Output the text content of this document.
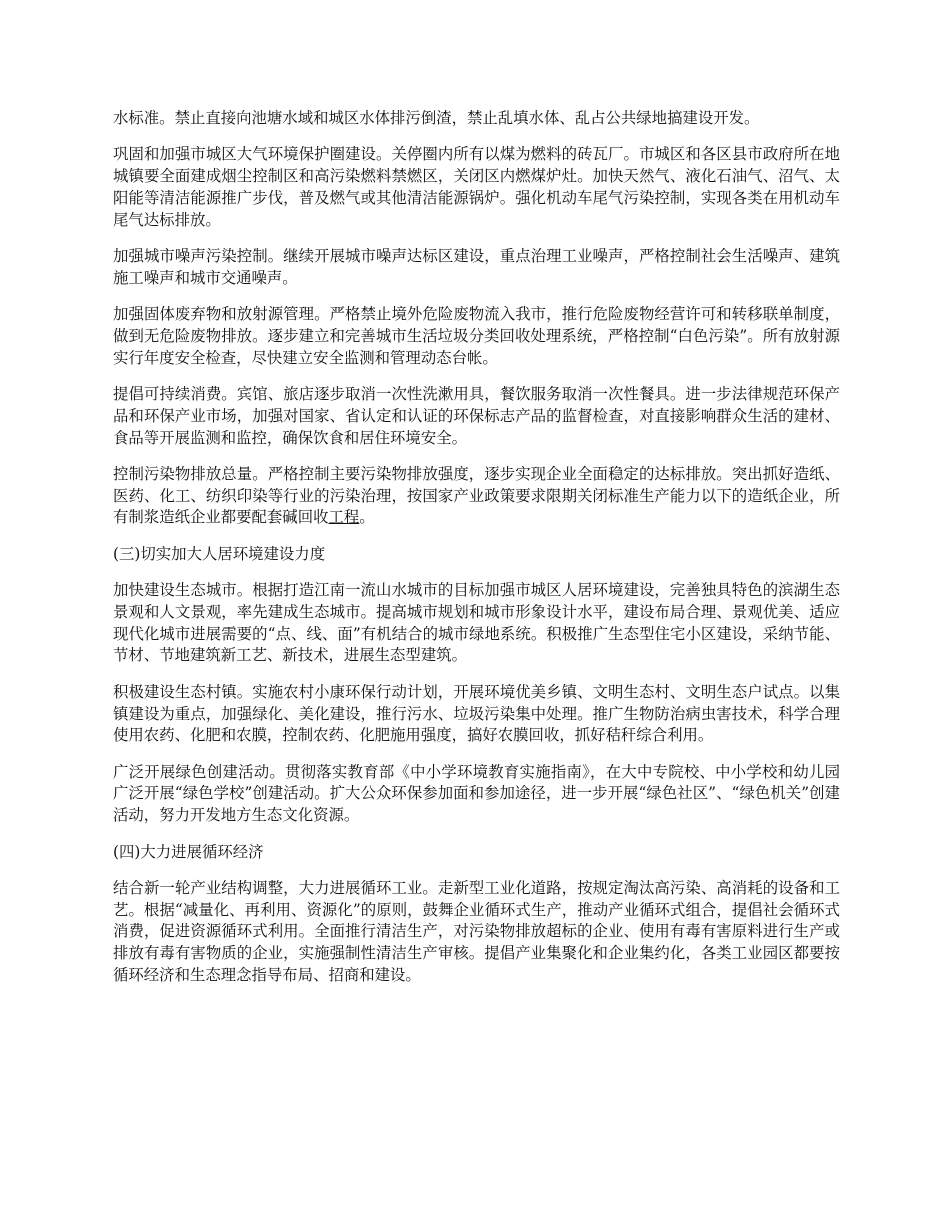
水标准。禁止直接向池塘水域和城区水体排污倒渣，禁止乱填水体、乱占公共绿地搞建设开发。

巩固和加强市城区大气环境保护圈建设。关停圈内所有以煤为燃料的砖瓦厂。市城区和各区县市政府所在地城镇要全面建成烟尘控制区和高污染燃料禁燃区，关闭区内燃煤炉灶。加快天然气、液化石油气、沼气、太阳能等清洁能源推广步伐，普及燃气或其他清洁能源锅炉。强化机动车尾气污染控制，实现各类在用机动车尾气达标排放。

加强城市噪声污染控制。继续开展城市噪声达标区建设，重点治理工业噪声，严格控制社会生活噪声、建筑施工噪声和城市交通噪声。

加强固体废弃物和放射源管理。严格禁止境外危险废物流入我市，推行危险废物经营许可和转移联单制度，做到无危险废物排放。逐步建立和完善城市生活垃圾分类回收处理系统，严格控制“白色污染”。所有放射源实行年度安全检查，尽快建立安全监测和管理动态台帐。

提倡可持续消费。宾馆、旅店逐步取消一次性洗漱用具，餐饮服务取消一次性餐具。进一步法律规范环保产品和环保产业市场，加强对国家、省认定和认证的环保标志产品的监督检查，对直接影响群众生活的建材、食品等开展监测和监控，确保饮食和居住环境安全。

控制污染物排放总量。严格控制主要污染物排放强度，逐步实现企业全面稳定的达标排放。突出抓好造纸、医药、化工、纺织印染等行业的污染治理，按国家产业政策要求限期关闭标准生产能力以下的造纸企业，所有制浆造纸企业都要配套碱回收工程。

(三)切实加大人居环境建设力度

加快建设生态城市。根据打造江南一流山水城市的目标加强市城区人居环境建设，完善独具特色的滨湖生态景观和人文景观，率先建成生态城市。提高城市规划和城市形象设计水平，建设布局合理、景观优美、适应现代化城市进展需要的“点、线、面”有机结合的城市绿地系统。积极推广生态型住宅小区建设，采纳节能、节材、节地建筑新工艺、新技术，进展生态型建筑。

积极建设生态村镇。实施农村小康环保行动计划，开展环境优美乡镇、文明生态村、文明生态户试点。以集镇建设为重点，加强绿化、美化建设，推行污水、垃圾污染集中处理。推广生物防治病虫害技术，科学合理使用农药、化肥和农膜，控制农药、化肥施用强度，搞好农膜回收，抓好秸秆综合利用。

广泛开展绿色创建活动。贯彻落实教育部《中小学环境教育实施指南》，在大中专院校、中小学校和幼儿园广泛开展“绿色学校”创建活动。扩大公众环保参加面和参加途径，进一步开展“绿色社区”、“绿色机关”创建活动，努力开发地方生态文化资源。

(四)大力进展循环经济

结合新一轮产业结构调整，大力进展循环工业。走新型工业化道路，按规定淘汰高污染、高消耗的设备和工艺。根据“减量化、再利用、资源化”的原则，鼓舞企业循环式生产，推动产业循环式组合，提倡社会循环式消费，促进资源循环式利用。全面推行清洁生产，对污染物排放超标的企业、使用有毒有害原料进行生产或排放有毒有害物质的企业，实施强制性清洁生产审核。提倡产业集聚化和企业集约化，各类工业园区都要按循环经济和生态理念指导布局、招商和建设。
